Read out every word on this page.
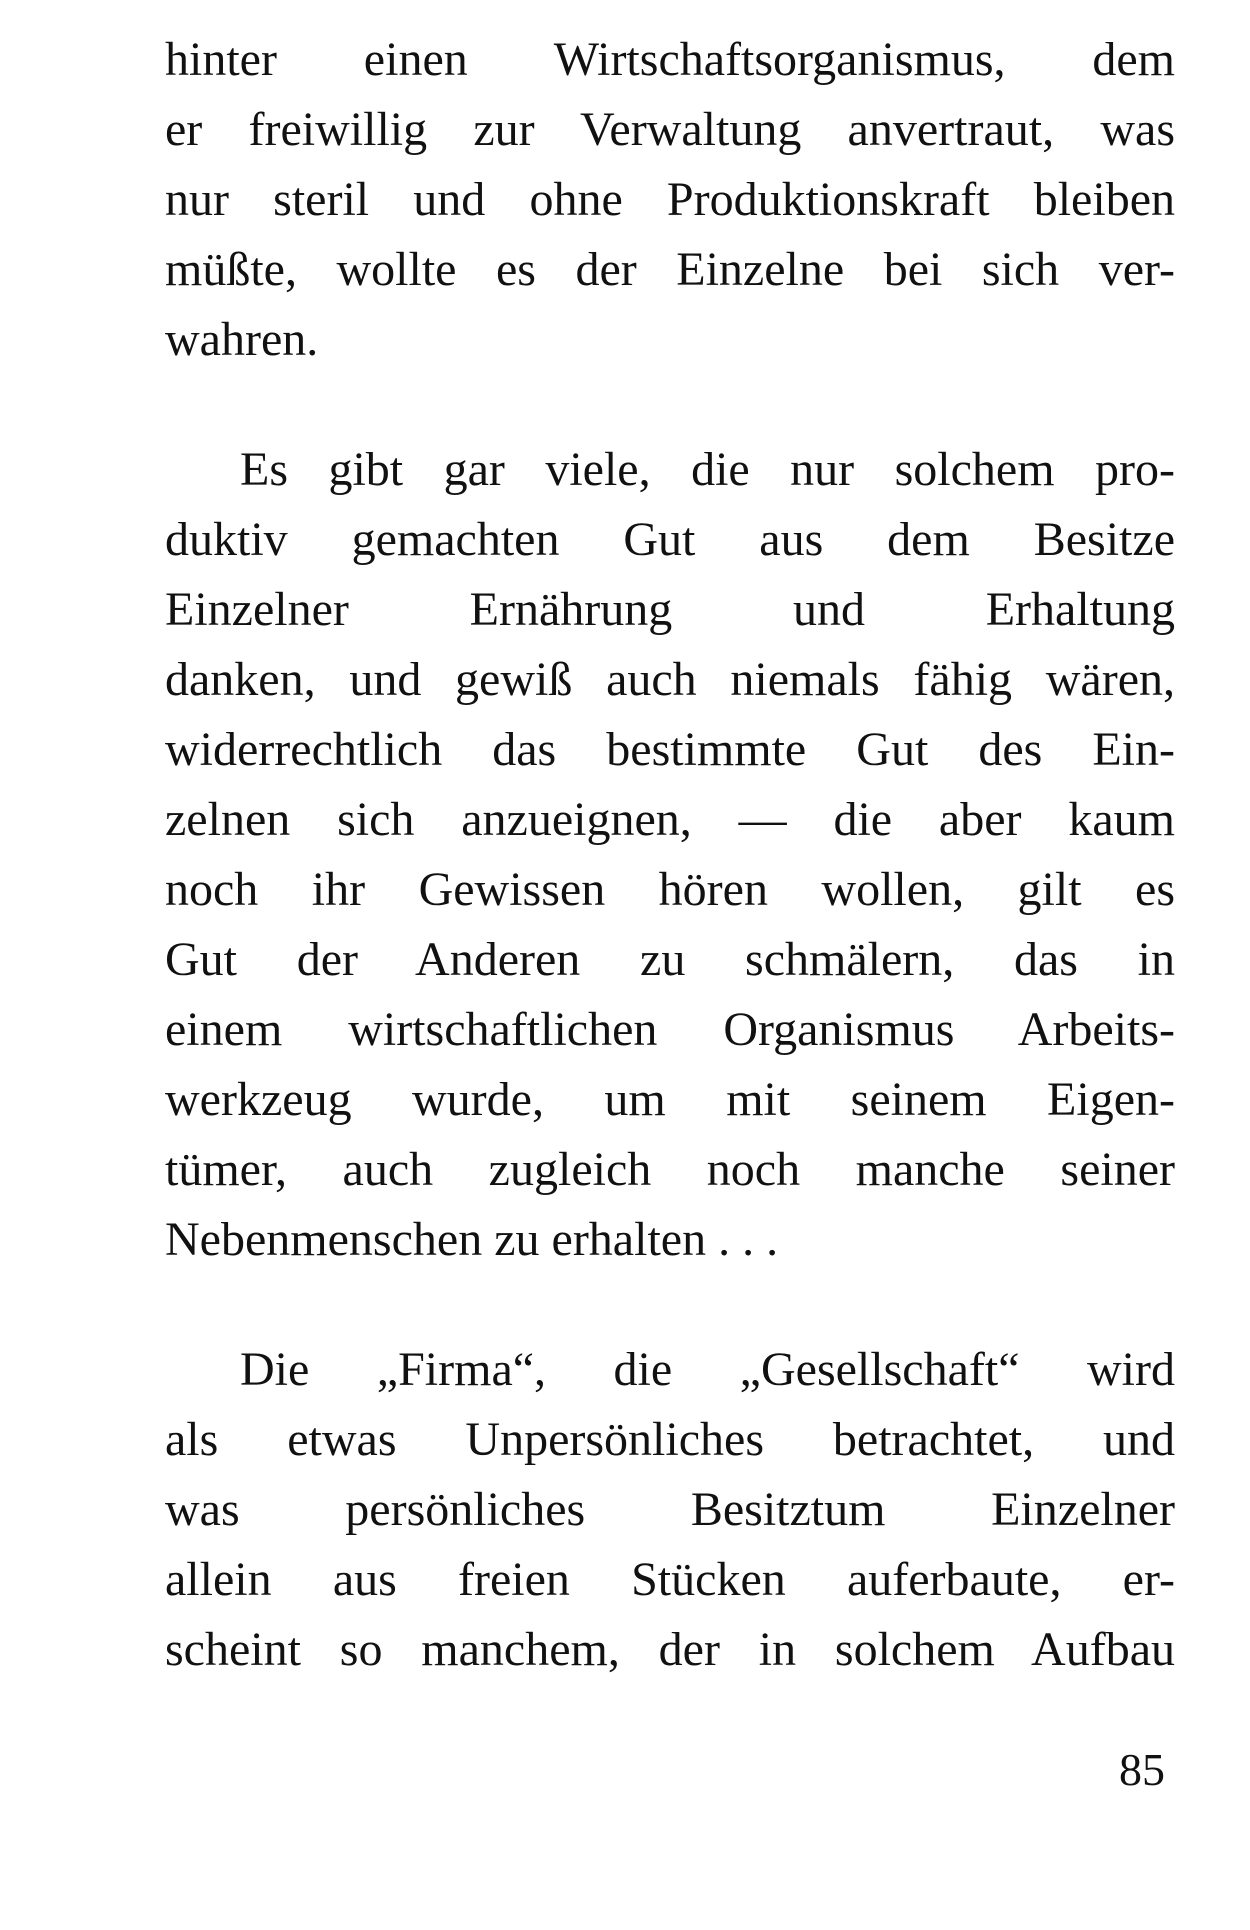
hinter einen Wirtschaftsorganismus, dem
er freiwillig zur Verwaltung anvertraut, was
nur steril und ohne Produktionskraft bleiben
müßte, wollte es der Einzelne bei sich ver-
wahren.
Es gibt gar viele, die nur solchem pro-
duktiv gemachten Gut aus dem Besitze
Einzelner Ernährung und Erhaltung
danken, und gewiß auch niemals fähig wären,
widerrechtlich das bestimmte Gut des Ein-
zelnen sich anzueignen, — die aber kaum
noch ihr Gewissen hören wollen, gilt es
Gut der Anderen zu schmälern, das in
einem wirtschaftlichen Organismus Arbeits-
werkzeug wurde, um mit seinem Eigen-
tümer, auch zugleich noch manche seiner
Nebenmenschen zu erhalten . . .
Die „Firma“, die „Gesellschaft“ wird
als etwas Unpersönliches betrachtet, und
was persönliches Besitztum Einzelner
allein aus freien Stücken auferbaute, er-
scheint so manchem, der in solchem Aufbau
85
